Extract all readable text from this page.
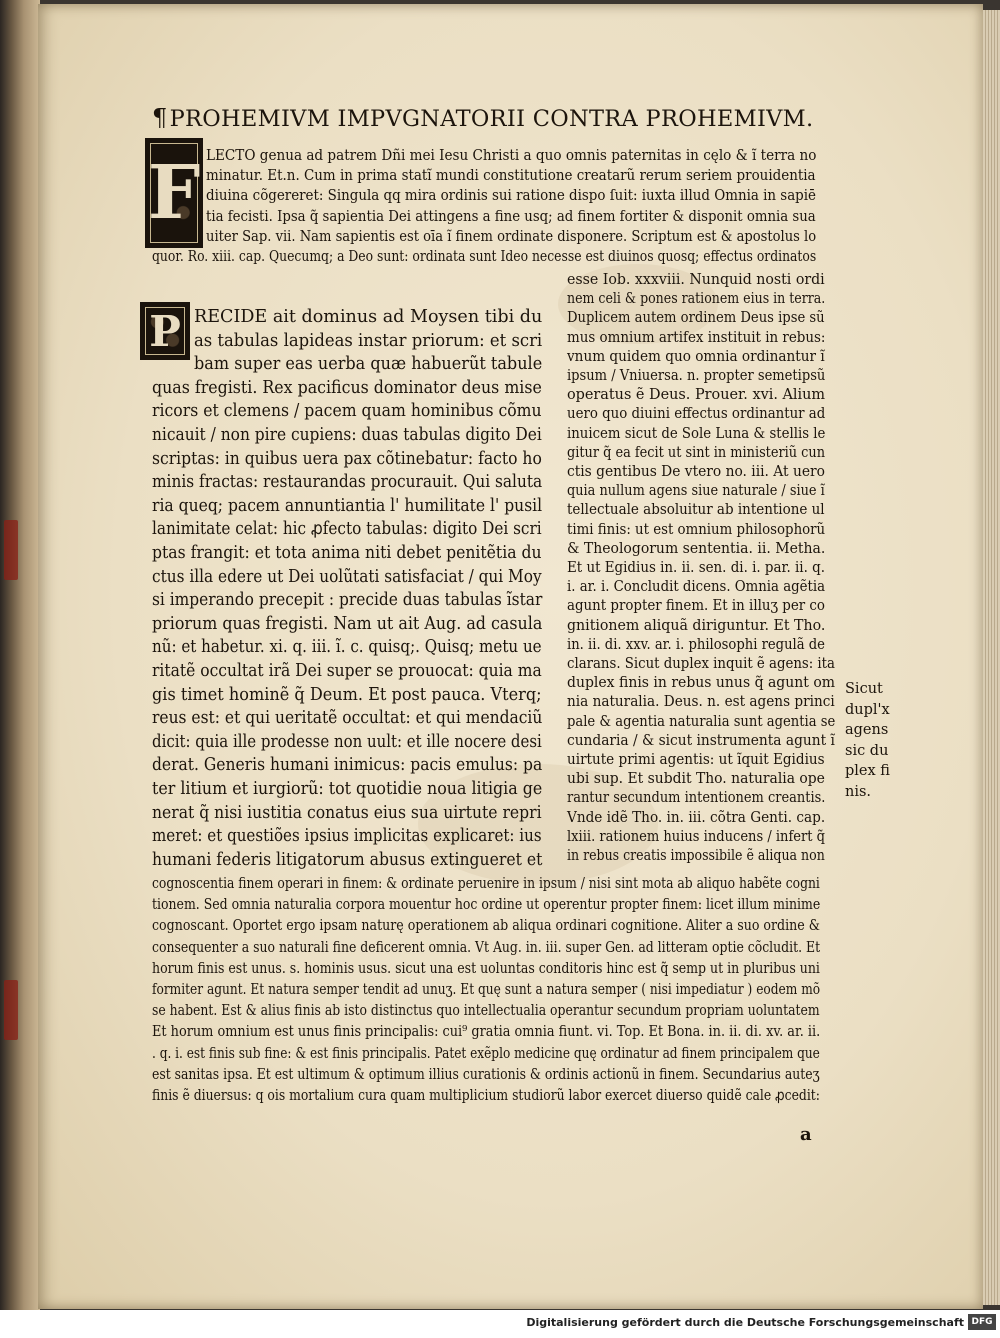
¶PROHEMIVM IMPVGNATORII CONTRA PROHEMIVM.
F LECTO genua ad patrem Dñi mei Iesu Christi a quo omnis paternitas in cęlo & ĩ terra no
minatur. Et.n. Cum in prima statĩ mundi constitutione creatarũ rerum seriem prouidentia
diuina cõgereret: Singula qq mira ordinis sui ratione dispo ſuit: iuxta illud Omnia in sapiē
tia fecisti. Ipsa q̃ sapientia Dei attingens a fine usq; ad finem fortiter & disponit omnia sua
uiter Sap. vii. Nam sapientis est oīa ĩ finem ordinate disponere. Scriptum est & apostolus lo
quor. Ro. xiii. cap. Quecumq; a Deo sunt: ordinata sunt Ideo necesse est diuinos quosq; effectus ordinatos
P RECIDE ait dominus ad Moysen tibi du
as tabulas lapideas instar priorum: et scri
bam super eas uerba quæ habuerũt tabule
quas fregisti. Rex pacificus dominator deus mise
ricors et clemens / pacem quam hominibus cõmu
nicauit / non pire cupiens: duas tabulas digito Dei
scriptas: in quibus uera pax cõtinebatur: facto ho
minis fractas: restaurandas procurauit. Qui saluta
ria queq; pacem annuntiantia l' humilitate l' pusil
lanimitate celat: hic ꝓfecto tabulas: digito Dei scri
ptas frangit: et tota anima niti debet penitẽtia du
ctus illa edere ut Dei uolũtati satisfaciat / qui Moy
si imperando precepit : precide duas tabulas ĩstar
priorum quas fregisti. Nam ut ait Aug. ad casula
nũ: et habetur. xi. q. iii. ĩ. c. quisq;. Quisq; metu ue
ritatẽ occultat irã Dei super se prouocat: quia ma
gis timet hominẽ q̃ Deum. Et post pauca. Vterq;
reus est: et qui ueritatẽ occultat: et qui mendaciũ
dicit: quia ille prodesse non uult: et ille nocere desi
derat. Generis humani inimicus: pacis emulus: pa
ter litium et iurgiorũ: tot quotidie noua litigia ge
nerat q̃ nisi iustitia conatus eius sua uirtute repri
meret: et questiões ipsius implicitas explicaret: ius
humani federis litigatorum abusus extingueret et
esse Iob. xxxviii. Nunquid nosti ordi
nem celi & pones rationem eius in terra.
Duplicem autem ordinem Deus ipse sũ
mus omnium artifex instituit in rebus:
vnum quidem quo omnia ordinantur ĩ
ipsum / Vniuersa. n. propter semetipsũ
operatus ẽ Deus. Prouer. xvi. Alium
uero quo diuini effectus ordinantur ad
inuicem sicut de Sole Luna & stellis le
gitur q̃ ea fecit ut sint in ministeriũ cun
ctis gentibus De vtero no. iii. At uero
quia nullum agens siue naturale / siue ĩ
tellectuale absoluitur ab intentione ul
timi finis: ut est omnium philosophorũ
& Theologorum sententia. ii. Metha.
Et ut Egidius in. ii. sen. di. i. par. ii. q.
i. ar. i. Concludit dicens. Omnia agẽtia
agunt propter finem. Et in illuʒ per co
gnitionem aliquã diriguntur. Et Tho.
in. ii. di. xxv. ar. i. philosophi regulã de
clarans. Sicut duplex inquit ẽ agens: ita
duplex finis in rebus unus q̃ agunt om
nia naturalia. Deus. n. est agens princi
pale & agentia naturalia sunt agentia se
cundaria / & sicut instrumenta agunt ĩ
uirtute primi agentis: ut ĩquit Egidius
ubi sup. Et subdit Tho. naturalia ope
rantur secundum intentionem creantis.
Vnde idẽ Tho. in. iii. cõtra Genti. cap.
lxiii. rationem huius inducens / infert q̃
in rebus creatis impossibile ẽ aliqua non
Sicut
dupl'x
agens
sic du
plex fi
nis.
cognoscentia finem operari in finem: & ordinate peruenire in ipsum / nisi sint mota ab aliquo habẽte cogni
tionem. Sed omnia naturalia corpora mouentur hoc ordine ut operentur propter finem: licet illum minime
cognoscant. Oportet ergo ipsam naturę operationem ab aliqua ordinari cognitione. Aliter a suo ordine &
consequenter a suo naturali fine deficerent omnia. Vt Aug. in. iii. super Gen. ad litteram optie cõcludit. Et
horum finis est unus. s. hominis usus. sicut una est uoluntas conditoris hinc est q̃ semp ut in pluribus uni
formiter agunt. Et natura semper tendit ad unuʒ. Et quę sunt a natura semper ( nisi impediatur ) eodem mõ
se habent. Est & alius finis ab isto distinctus quo intellectualia operantur secundum propriam uoluntatem
Et horum omnium est unus finis principalis: cui⁹ gratia omnia fiunt. vi. Top. Et Bona. in. ii. di. xv. ar. ii.
. q. i. est finis sub fine: & est finis principalis. Patet exẽplo medicine quę ordinatur ad finem principalem que
est sanitas ipsa. Et est ultimum & optimum illius curationis & ordinis actionũ in finem. Secundarius auteʒ
finis ẽ diuersus: q ois mortalium cura quam multiplicium studiorũ labor exercet diuerso quidẽ cale ꝓcedit:
a
Digitalisierung gefördert durch die Deutsche Forschungsgemeinschaft DFG
